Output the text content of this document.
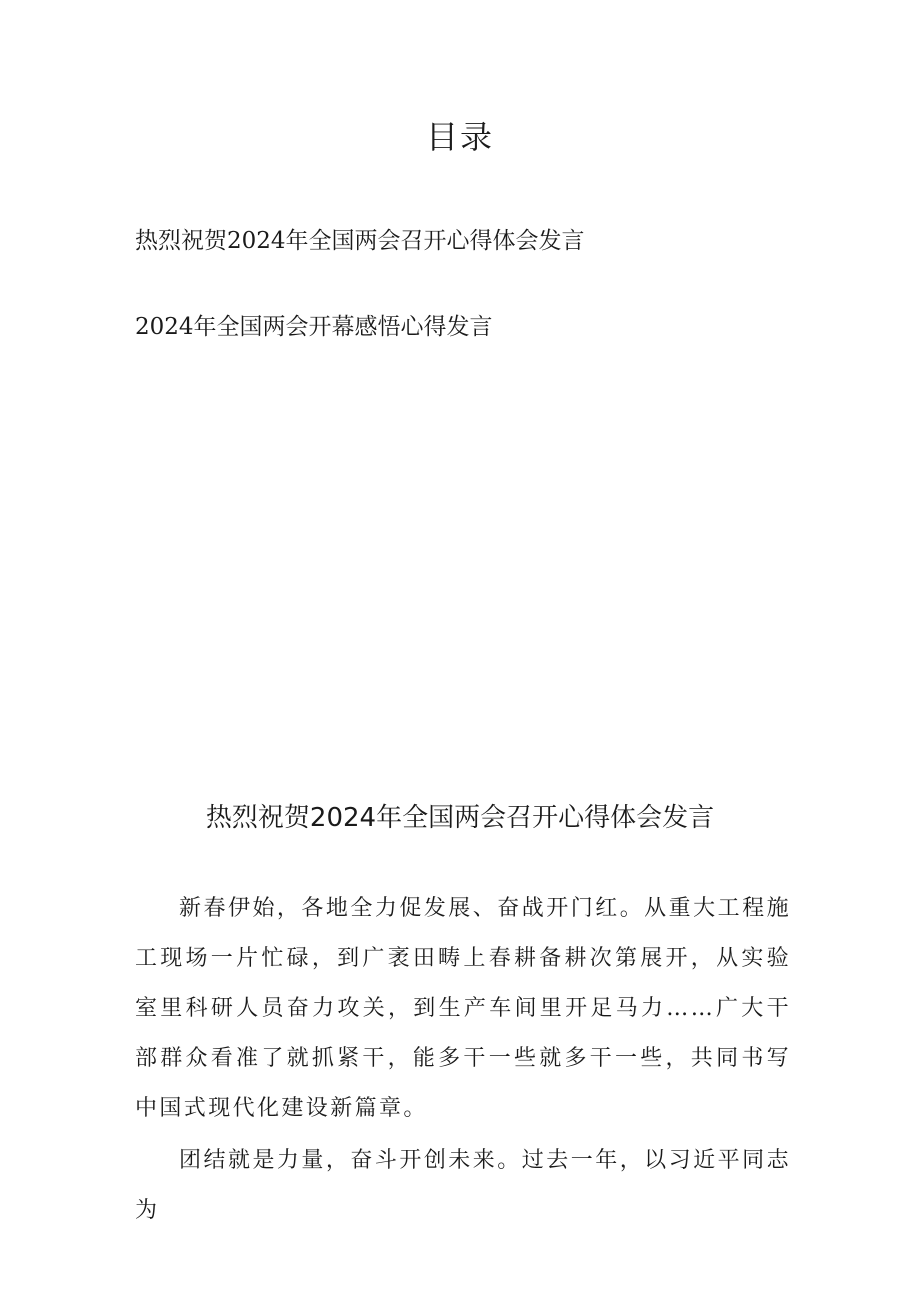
目录
热烈祝贺2024年全国两会召开心得体会发言
2024年全国两会开幕感悟心得发言
热烈祝贺2024年全国两会召开心得体会发言

新春伊始，各地全力促发展、奋战开门红。从重大工程施工现场一片忙碌，到广袤田畴上春耕备耕次第展开，从实验室里科研人员奋力攻关，到生产车间里开足马力……广大干部群众看准了就抓紧干，能多干一些就多干一些，共同书写中国式现代化建设新篇章。

团结就是力量，奋斗开创未来。过去一年，以习近平同志为
